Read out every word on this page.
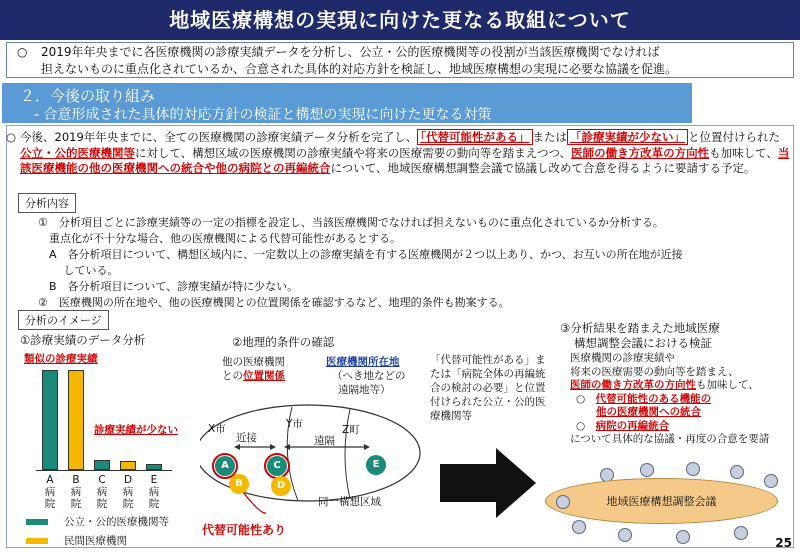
地域医療構想の実現に向けた更なる取組について
○ 2019年年央までに各医療機関の診療実績データを分析し、公立・公的医療機関等の役割が当該医療機関でなければ
担えないものに重点化されているか、合意された具体的対応方針を検証し、地域医療構想の実現に必要な協議を促進。
２．今後の取り組み
- 合意形成された具体的対応方針の検証と構想の実現に向けた更なる対策
○ 今後、2019年年央までに、全ての医療機関の診療実績データ分析を完了し、 「代替可能性がある」 または 「診療実績が少ない」 と位置付けられた公立・公的医療機関等に対して、構想区域の医療機関の診療実績や将来の医療需要の動向等を踏まえつつ、医師の働き方改革の方向性も加味して、当該医療機能の他の医療機関への統合や他の病院との再編統合について、地域医療構想調整会議で協議し改めて合意を得るように要請する予定。
分析内容
①　分析項目ごとに診療実績等の一定の指標を設定し、当該医療機関でなければ担えないものに重点化されているか分析する。
　重点化が不十分な場合、他の医療機関による代替可能性があるとする。
　A　各分析項目について、構想区域内に、一定数以上の診療実績を有する医療機関が２つ以上あり、かつ、お互いの所在地が近接
　　 している。
　B　各分析項目について、診療実績が特に少ない。
②　医療機関の所在地や、他の医療機関との位置関係を確認するなど、地理的条件も勘案する。
分析のイメージ
①診療実績のデータ分析
類似の診療実績
診療実績が少ない
A病院
B病院
C病院
D病院
E病院
公立・公的医療機関等
民間医療機関
②地理的条件の確認
他の医療機関
との位置関係
医療機関所在地
（へき地などの
遠隔地等）
X市	Y市	Z町
近接	遠隔
A
B
C
D
E
同一構想区域
代替可能性あり
「代替可能性がある」または「病院全体の再編統合の検討の必要」と位置付けられた公立・公的医療機関等
③分析結果を踏まえた地域医療
構想調整会議における検証
医療機関の診療実績や
将来の医療需要の動向等を踏まえ、
医師の働き方改革の方向性も加味して、
○　 代替可能性のある機能の
他の医療機関への統合
○　 病院の再編統合
について具体的な協議・再度の合意を要請
地域医療構想調整会議
25
